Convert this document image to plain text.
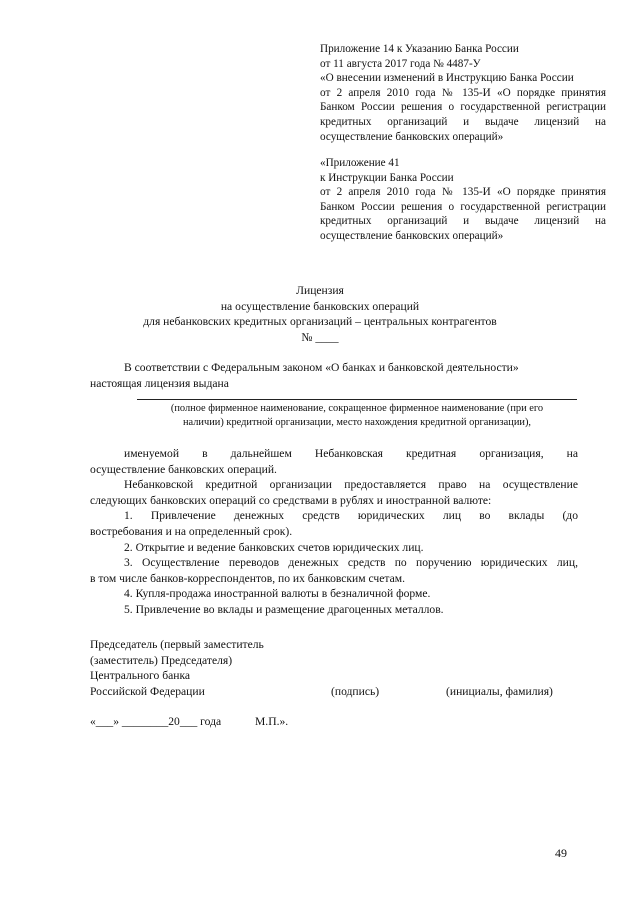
Приложение 14 к Указанию Банка России
от 11 августа 2017 года № 4487-У
«О внесении изменений в Инструкцию Банка России
от 2 апреля 2010 года № 135-И «О порядке принятия
Банком России решения о государственной регистрации
кредитных организаций и выдаче лицензий на
осуществление банковских операций»
«Приложение 41
к Инструкции Банка России
от 2 апреля 2010 года № 135-И «О порядке принятия
Банком России решения о государственной регистрации
кредитных организаций и выдаче лицензий на
осуществление банковских операций»
Лицензия
на осуществление банковских операций
для небанковских кредитных организаций – центральных контрагентов
№ ____
В соответствии с Федеральным законом «О банках и банковской деятельности»
настоящая лицензия выдана
(полное фирменное наименование, сокращенное фирменное наименование (при его
наличии) кредитной организации, место нахождения кредитной организации),
именуемой в дальнейшем Небанковская кредитная организация, на
осуществление банковских операций.
Небанковской кредитной организации предоставляется право на осуществление
следующих банковских операций со средствами в рублях и иностранной валюте:
1. Привлечение денежных средств юридических лиц во вклады (до
востребования и на определенный срок).
2. Открытие и ведение банковских счетов юридических лиц.
3. Осуществление переводов денежных средств по поручению юридических лиц,
в том числе банков-корреспондентов, по их банковским счетам.
4. Купля-продажа иностранной валюты в безналичной форме.
5. Привлечение во вклады и размещение драгоценных металлов.
Председатель (первый заместитель
(заместитель) Председателя)
Центрального банка
Российской Федерации	(подпись)	(инициалы, фамилия)
«___» ________20___ года	М.П.».
49
